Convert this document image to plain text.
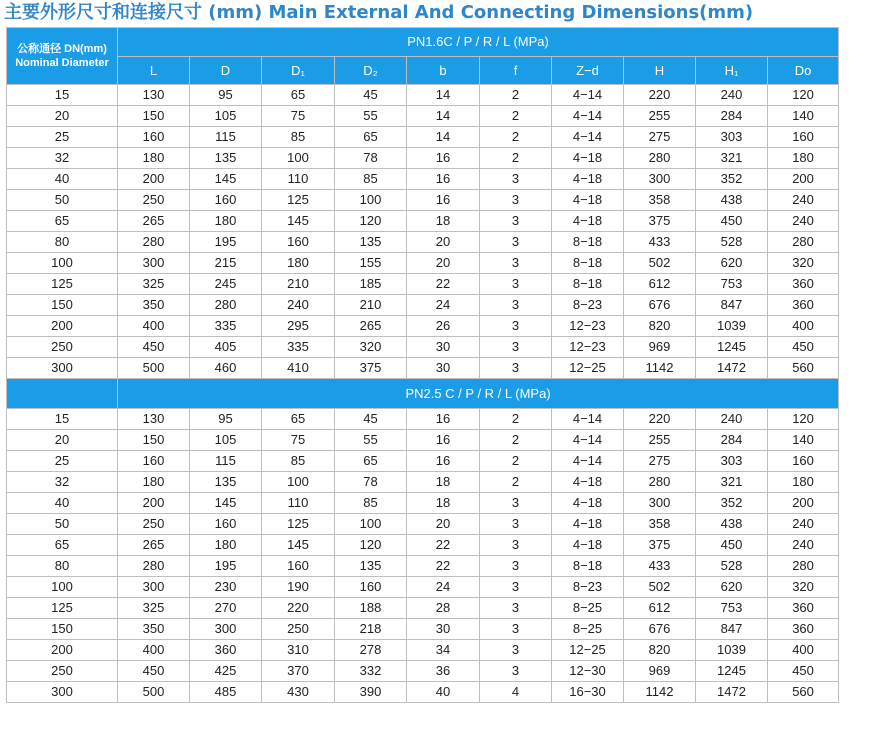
主要外形尺寸和连接尺寸 (mm) Main External And Connecting Dimensions(mm)
公称通径 DN(mm)
Nominal Diameter	PN1.6C / P / R / L (MPa)									
	L	D	D₁	D₂	b	f	Z−d	H	H₁	Do
15	130	95	65	45	14	2	4−14	220	240	120
20	150	105	75	55	14	2	4−14	255	284	140
25	160	115	85	65	14	2	4−14	275	303	160
32	180	135	100	78	16	2	4−18	280	321	180
40	200	145	110	85	16	3	4−18	300	352	200
50	250	160	125	100	16	3	4−18	358	438	240
65	265	180	145	120	18	3	4−18	375	450	240
80	280	195	160	135	20	3	8−18	433	528	280
100	300	215	180	155	20	3	8−18	502	620	320
125	325	245	210	185	22	3	8−18	612	753	360
150	350	280	240	210	24	3	8−23	676	847	360
200	400	335	295	265	26	3	12−23	820	1039	400
250	450	405	335	320	30	3	12−23	969	1245	450
300	500	460	410	375	30	3	12−25	1142	1472	560
	PN2.5 C / P / R / L (MPa)									
15	130	95	65	45	16	2	4−14	220	240	120
20	150	105	75	55	16	2	4−14	255	284	140
25	160	115	85	65	16	2	4−14	275	303	160
32	180	135	100	78	18	2	4−18	280	321	180
40	200	145	110	85	18	3	4−18	300	352	200
50	250	160	125	100	20	3	4−18	358	438	240
65	265	180	145	120	22	3	4−18	375	450	240
80	280	195	160	135	22	3	8−18	433	528	280
100	300	230	190	160	24	3	8−23	502	620	320
125	325	270	220	188	28	3	8−25	612	753	360
150	350	300	250	218	30	3	8−25	676	847	360
200	400	360	310	278	34	3	12−25	820	1039	400
250	450	425	370	332	36	3	12−30	969	1245	450
300	500	485	430	390	40	4	16−30	1142	1472	560
